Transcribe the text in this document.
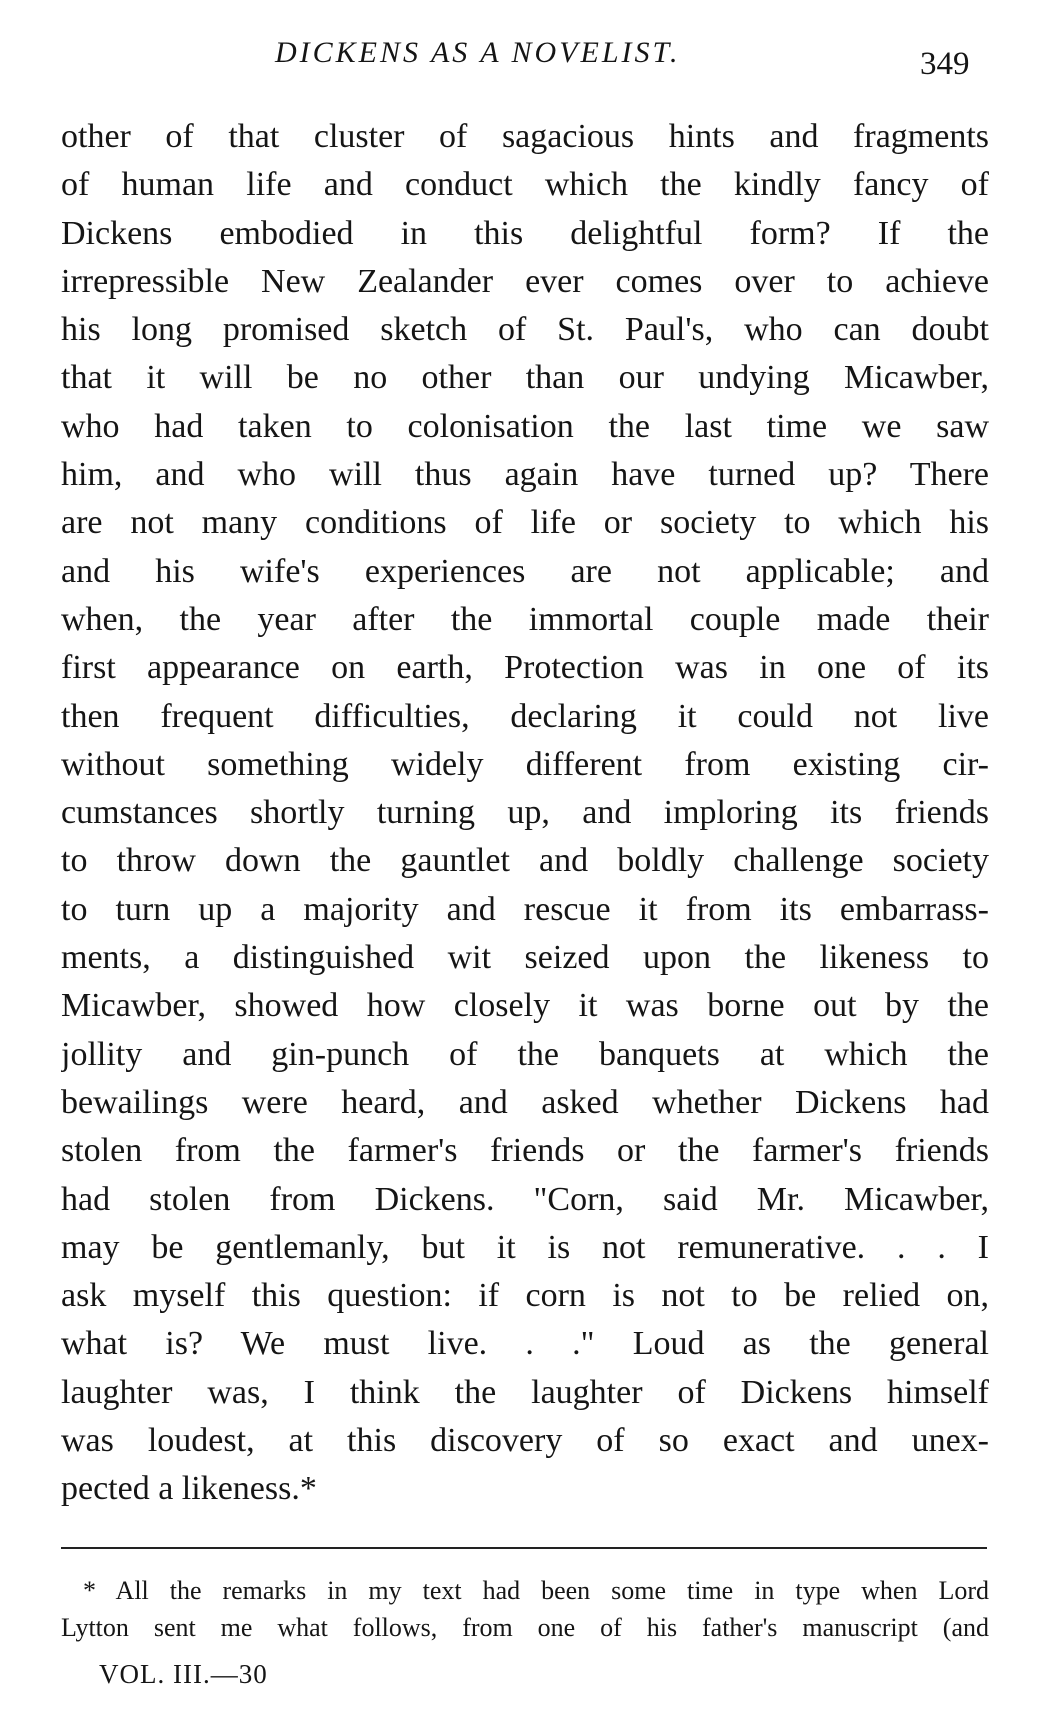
DICKENS AS A NOVELIST.	349
other of that cluster of sagacious hints and fragments
of human life and conduct which the kindly fancy of
Dickens embodied in this delightful form? If the
irrepressible New Zealander ever comes over to achieve
his long promised sketch of St. Paul's, who can doubt
that it will be no other than our undying Micawber,
who had taken to colonisation the last time we saw
him, and who will thus again have turned up? There
are not many conditions of life or society to which his
and his wife's experiences are not applicable; and
when, the year after the immortal couple made their
first appearance on earth, Protection was in one of its
then frequent difficulties, declaring it could not live
without something widely different from existing cir-
cumstances shortly turning up, and imploring its friends
to throw down the gauntlet and boldly challenge society
to turn up a majority and rescue it from its embarrass-
ments, a distinguished wit seized upon the likeness to
Micawber, showed how closely it was borne out by the
jollity and gin-punch of the banquets at which the
bewailings were heard, and asked whether Dickens had
stolen from the farmer's friends or the farmer's friends
had stolen from Dickens. "Corn, said Mr. Micawber,
may be gentlemanly, but it is not remunerative. . . I
ask myself this question: if corn is not to be relied on,
what is? We must live. . ." Loud as the general
laughter was, I think the laughter of Dickens himself
was loudest, at this discovery of so exact and unex-
pected a likeness.*
* All the remarks in my text had been some time in type when Lord
Lytton sent me what follows, from one of his father's manuscript (and
VOL. III.—30
